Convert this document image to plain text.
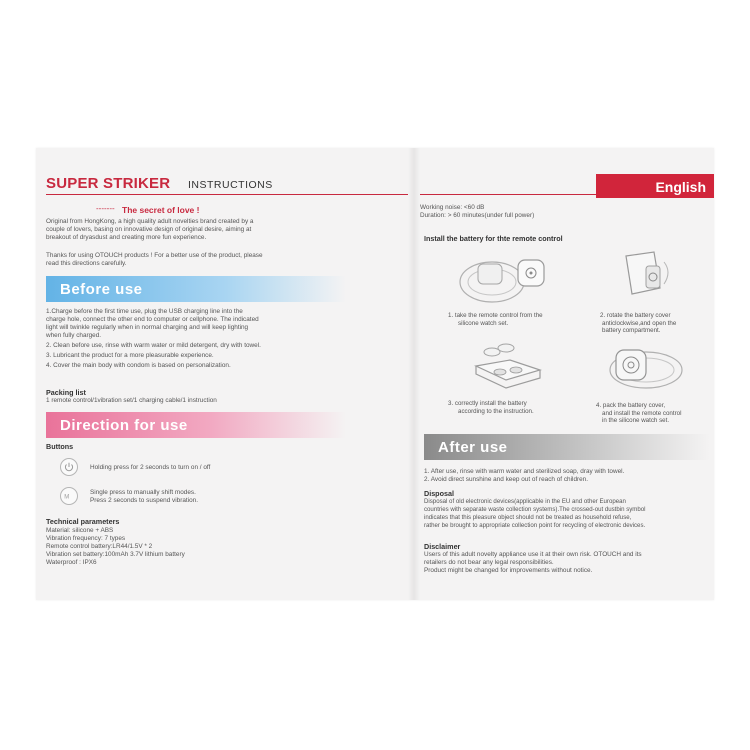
SUPER STRIKER INSTRUCTIONS
------- The secret of love !
Original from HongKong, a high quality adult novelties brand created by a
couple of lovers, basing on innovative design of original desire, aiming at
breakout of dryasdust and creating more fun experience.
Thanks for using OTOUCH products ! For a better use of the product, please
read this directions carefully.
Before use
1.Charge before the first time use, plug the USB charging line into the
charge hole, connect the other end to computer or cellphone. The indicated
light will twinkle regularly when in normal charging and will keep lighting
when fully charged.
2. Clean before use, rinse with warm water or mild detergent, dry with towel.
3. Lubricant the product for a more pleasurable experience.
4. Cover the main body with condom is based on personalization.
Packing list
1 remote control/1vibration set/1 charging cable/1 instruction
Direction for use
Buttons
Holding press for 2 seconds to turn on / off
M
Single press to manually shift modes.
Press 2 seconds to suspend vibration.
Technical parameters
Material: silicone + ABS
Vibration frequency: 7 types
Remote control battery:LR44/1.5V * 2
Vibration set battery:100mAh 3.7V lithium battery
Waterproof : IPX6
English
Working noise: <60 dB
Duration: > 60 minutes(under full power)
Install the battery for thte remote control
1. take the remote control from the
silicone watch set.
2. rotate the battery cover
anticlockwise,and open the
battery compartment.
3. correctly install the battery
according to the instruction.
4. pack the battery cover,
and install the remote control
in the silicone watch set.
After use
1. After use, rinse with warm water and sterilized soap, dray with towel.
2. Avoid direct sunshine and keep out of reach of children.
Disposal
Disposal of old electronic devices(applicable in the EU and other European
countries with separate waste collection systems).The crossed-out dustbin symbol
indicates that this pleasure object should not be treated as household refuse,
rather be brought to appropriate collection point for recycling of electronic devices.
Disclaimer
Users of this adult novelty appliance use it at their own risk. OTOUCH and its
retailers do not bear any legal responsibilities.
Product might be changed for improvements without notice.
